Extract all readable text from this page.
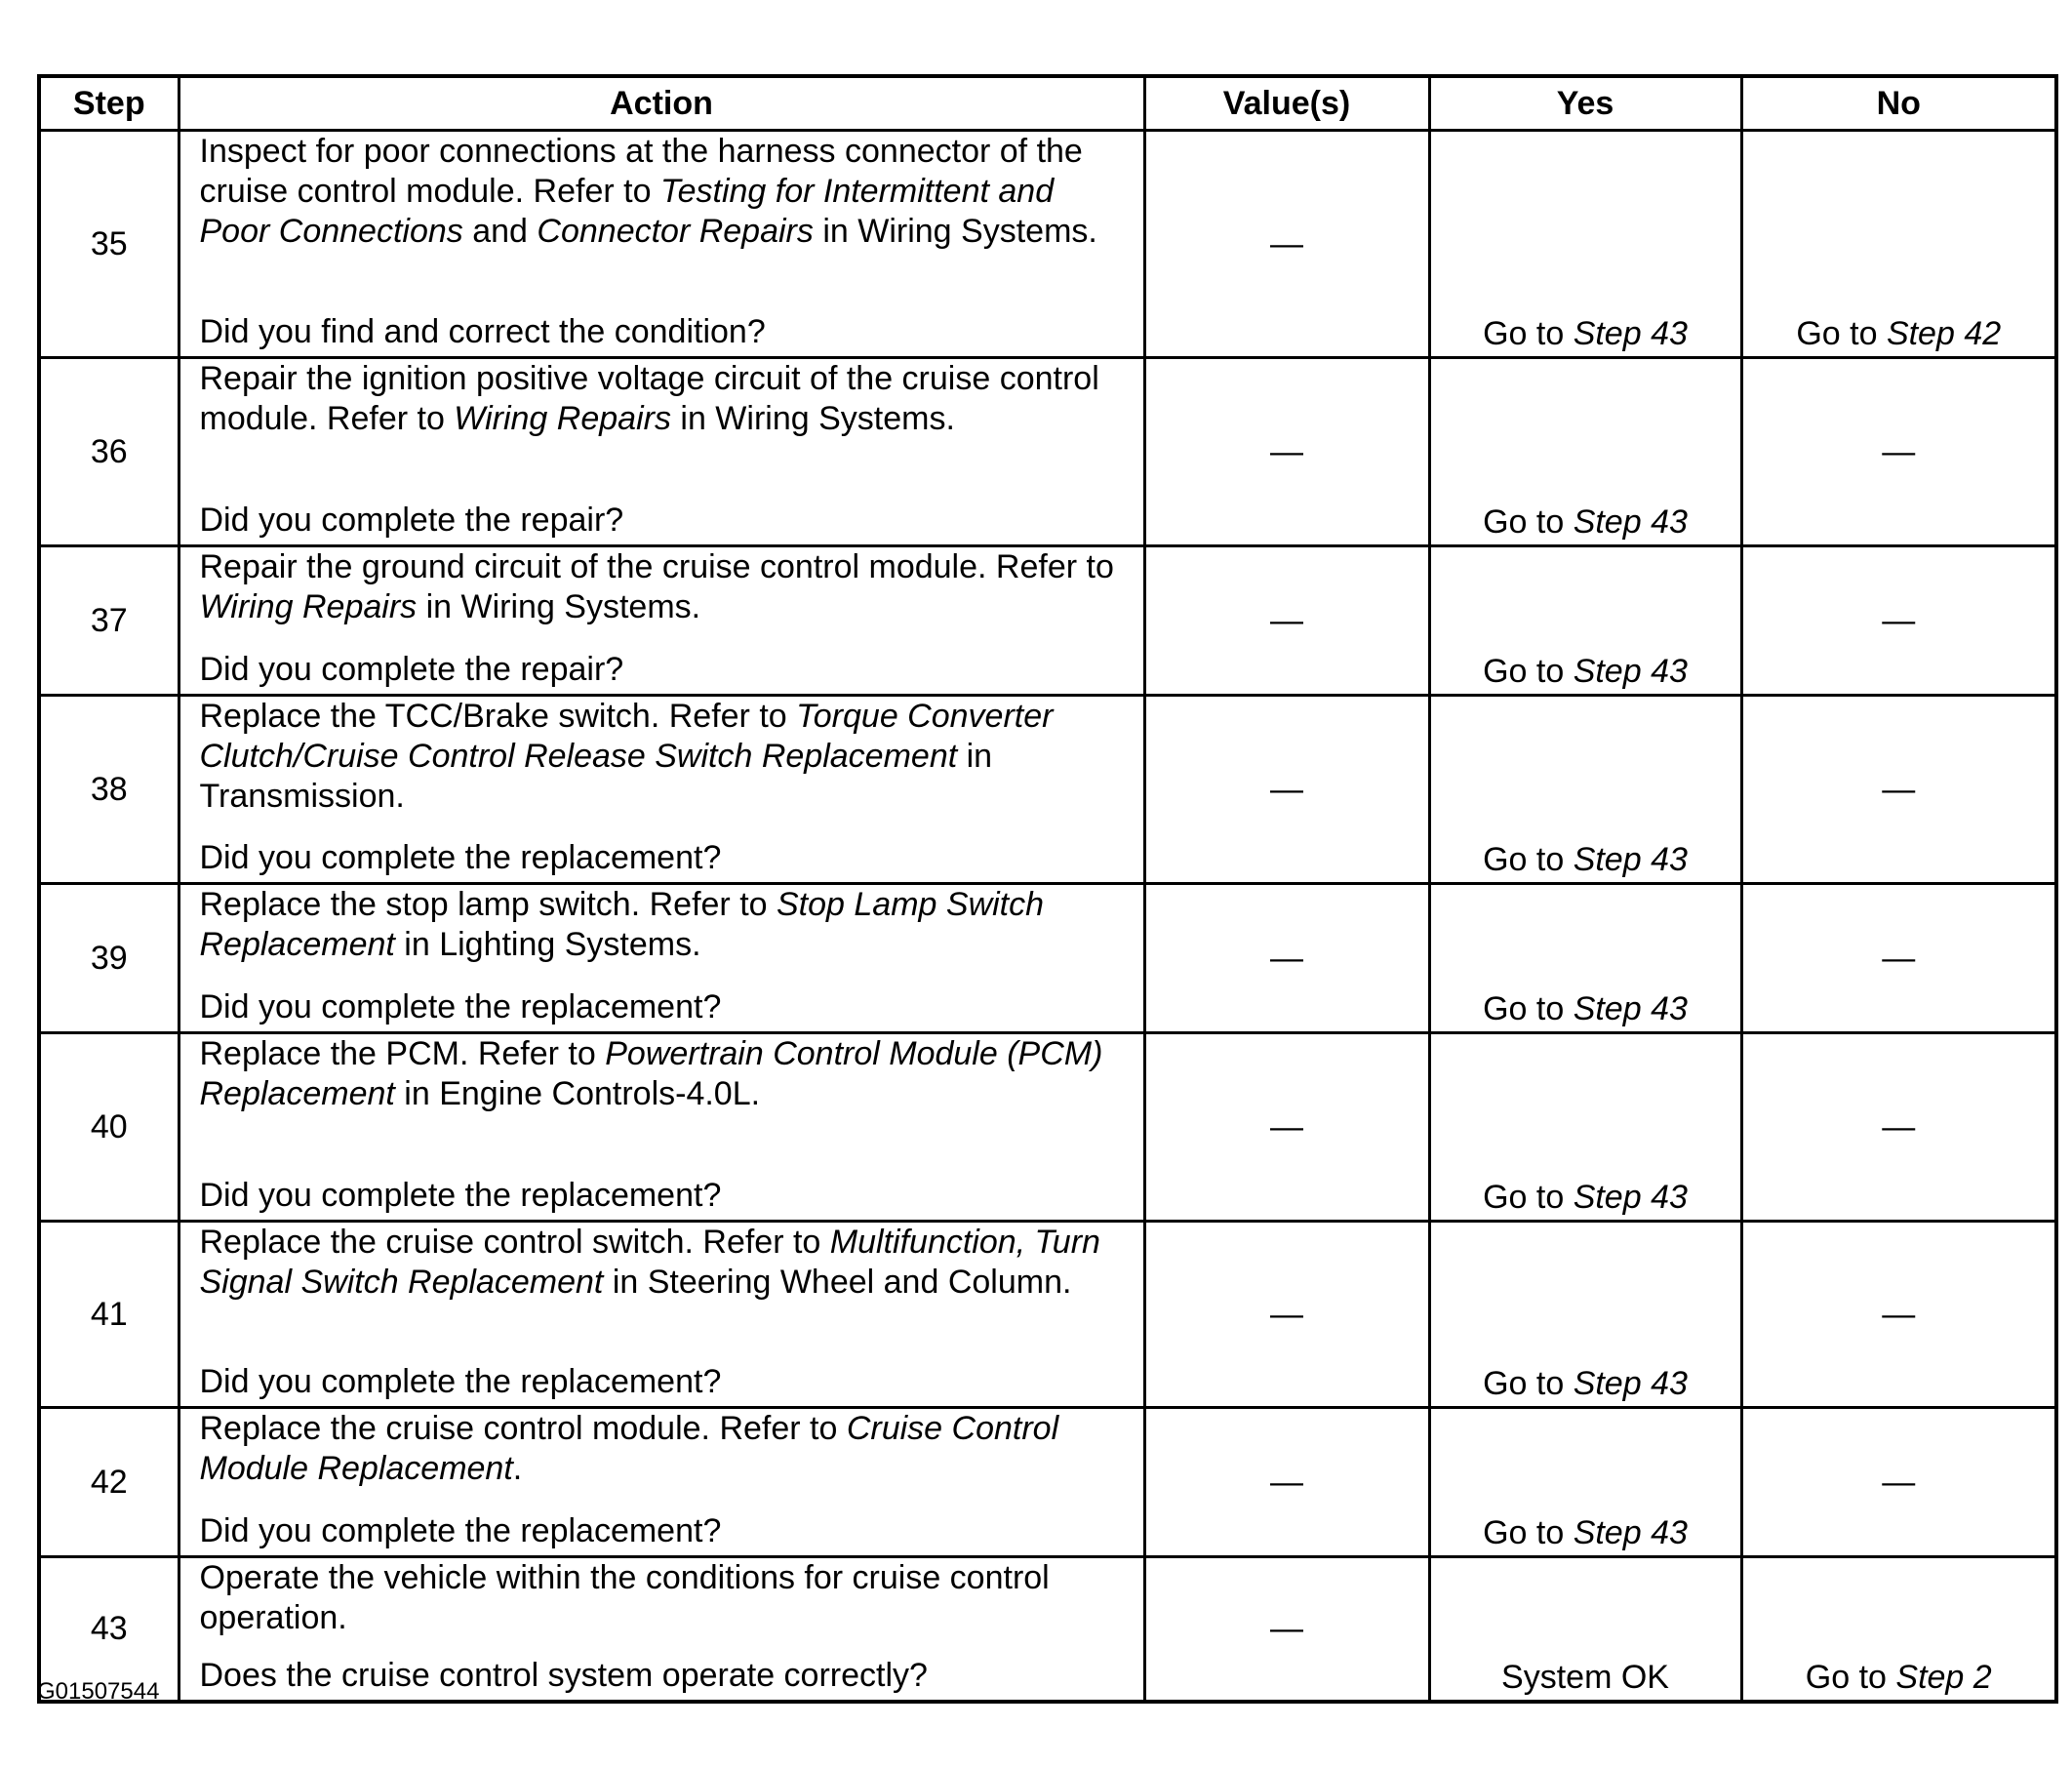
Step	Action	Value(s)	Yes	No
35	Inspect for poor connections at the harness connector of the cruise control module. Refer to Testing for Intermittent and Poor Connections and Connector Repairs in Wiring Systems.
Did you find and correct the condition?	—	Go to Step 43	Go to Step 42
36	Repair the ignition positive voltage circuit of the cruise control module. Refer to Wiring Repairs in Wiring Systems.
Did you complete the repair?	—	Go to Step 43	—
37	Repair the ground circuit of the cruise control module. Refer to Wiring Repairs in Wiring Systems.
Did you complete the repair?	—	Go to Step 43	—
38	Replace the TCC/Brake switch. Refer to Torque Converter Clutch/Cruise Control Release Switch Replacement in Transmission.
Did you complete the replacement?	—	Go to Step 43	—
39	Replace the stop lamp switch. Refer to Stop Lamp Switch Replacement in Lighting Systems.
Did you complete the replacement?	—	Go to Step 43	—
40	Replace the PCM. Refer to Powertrain Control Module (PCM) Replacement in Engine Controls-4.0L.
Did you complete the replacement?	—	Go to Step 43	—
41	Replace the cruise control switch. Refer to Multifunction, Turn Signal Switch Replacement in Steering Wheel and Column.
Did you complete the replacement?	—	Go to Step 43	—
42	Replace the cruise control module. Refer to Cruise Control Module Replacement.
Did you complete the replacement?	—	Go to Step 43	—
43	Operate the vehicle within the conditions for cruise control operation.
Does the cruise control system operate correctly?	—	System OK	Go to Step 2
G01507544
